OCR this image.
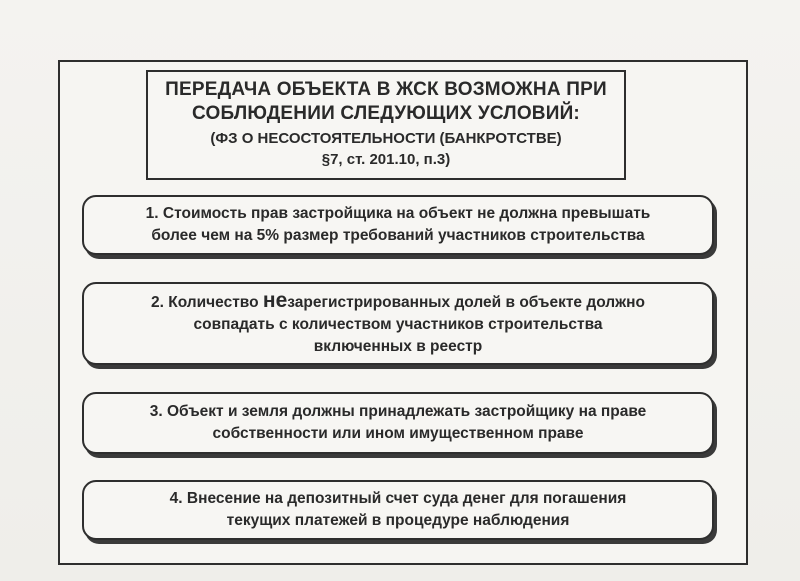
ПЕРЕДАЧА ОБЪЕКТА В ЖСК ВОЗМОЖНА ПРИ
СОБЛЮДЕНИИ СЛЕДУЮЩИХ УСЛОВИЙ:
(ФЗ О НЕСОСТОЯТЕЛЬНОСТИ (БАНКРОТСТВЕ)
§7, ст. 201.10, п.3)
1. Стоимость прав застройщика на объект не должна превышать
более чем на 5% размер требований участников строительства
2. Количество незарегистрированных долей в объекте должно
совпадать с количеством участников строительства
включенных в реестр
3. Объект и земля должны принадлежать застройщику на праве
собственности или ином имущественном праве
4. Внесение на депозитный счет суда денег для погашения
текущих платежей в процедуре наблюдения
